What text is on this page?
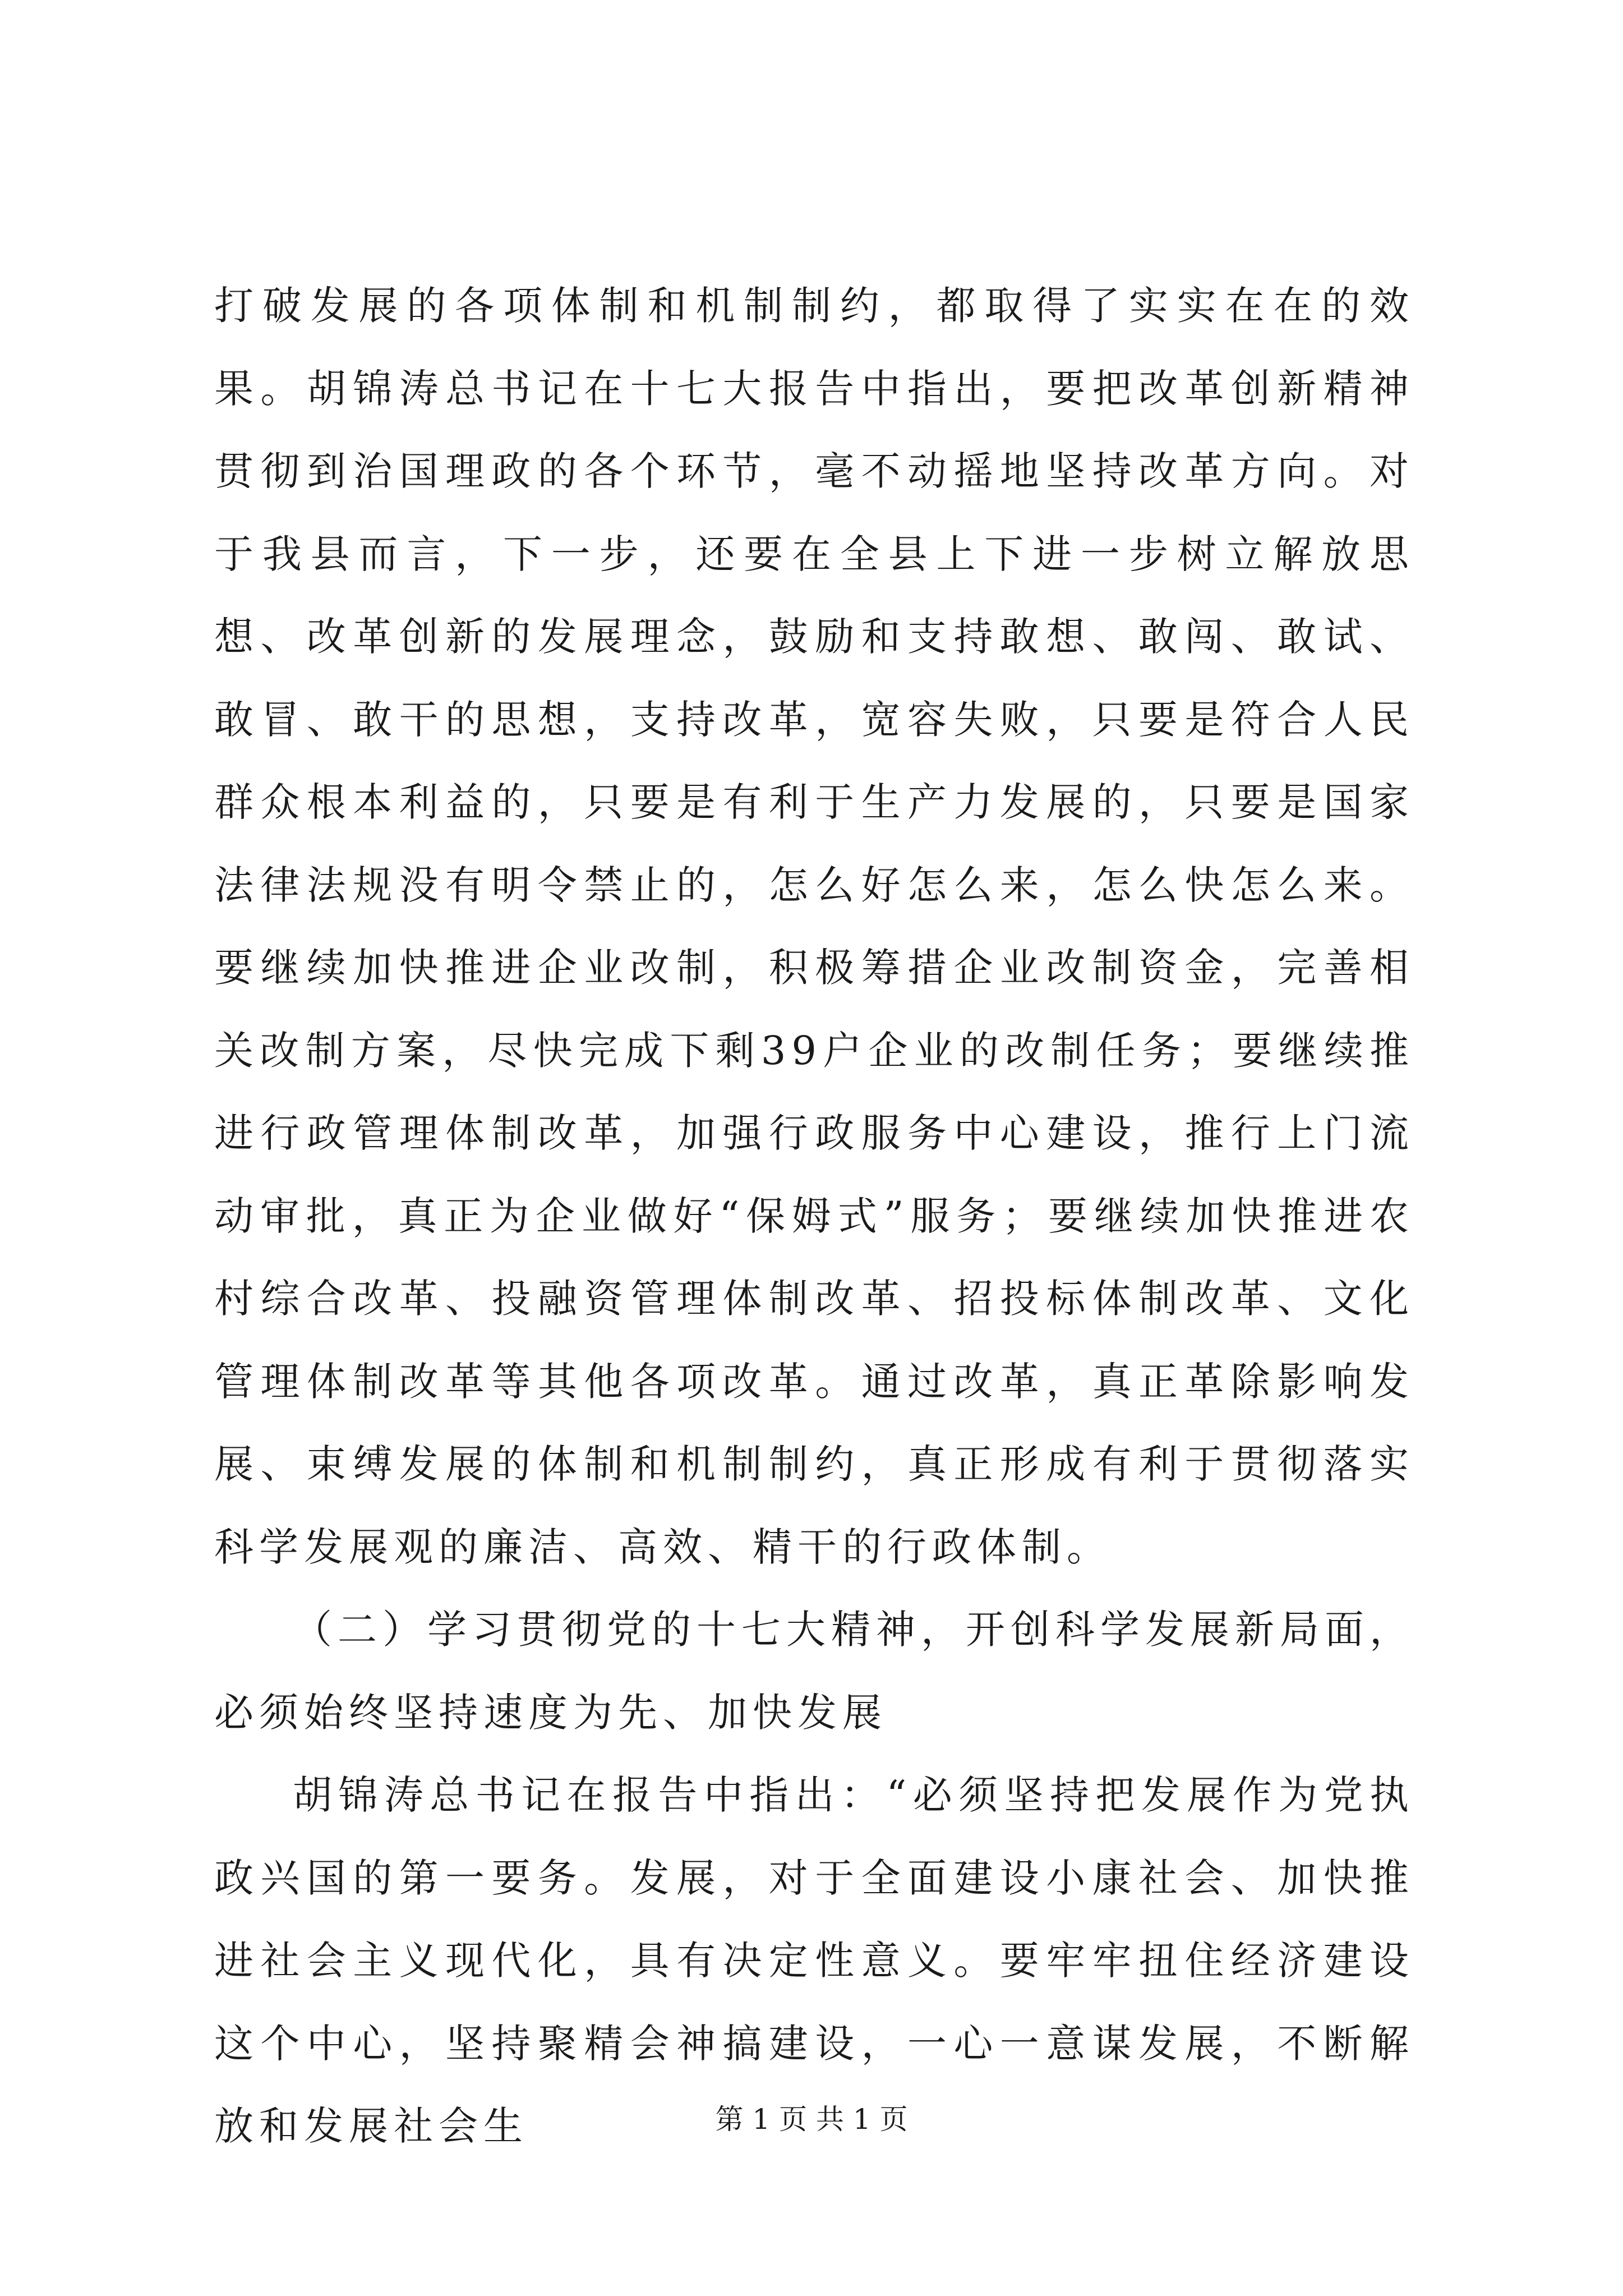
打破发展的各项体制和机制制约，都取得了实实在在的效果。胡锦涛总书记在十七大报告中指出，要把改革创新精神贯彻到治国理政的各个环节，毫不动摇地坚持改革方向。对于我县而言，下一步，还要在全县上下进一步树立解放思想、改革创新的发展理念，鼓励和支持敢想、敢闯、敢试、敢冒、敢干的思想，支持改革，宽容失败，只要是符合人民群众根本利益的，只要是有利于生产力发展的，只要是国家法律法规没有明令禁止的，怎么好怎么来，怎么快怎么来。要继续加快推进企业改制，积极筹措企业改制资金，完善相关改制方案，尽快完成下剩39户企业的改制任务；要继续推进行政管理体制改革，加强行政服务中心建设，推行上门流动审批，真正为企业做好“保姆式”服务；要继续加快推进农村综合改革、投融资管理体制改革、招投标体制改革、文化管理体制改革等其他各项改革。通过改革，真正革除影响发展、束缚发展的体制和机制制约，真正形成有利于贯彻落实科学发展观的廉洁、高效、精干的行政体制。

（二）学习贯彻党的十七大精神，开创科学发展新局面，必须始终坚持速度为先、加快发展

胡锦涛总书记在报告中指出：“必须坚持把发展作为党执政兴国的第一要务。发展，对于全面建设小康社会、加快推进社会主义现代化，具有决定性意义。要牢牢扭住经济建设这个中心，坚持聚精会神搞建设，一心一意谋发展，不断解放和发展社会生	第 1 页 共 1 页
